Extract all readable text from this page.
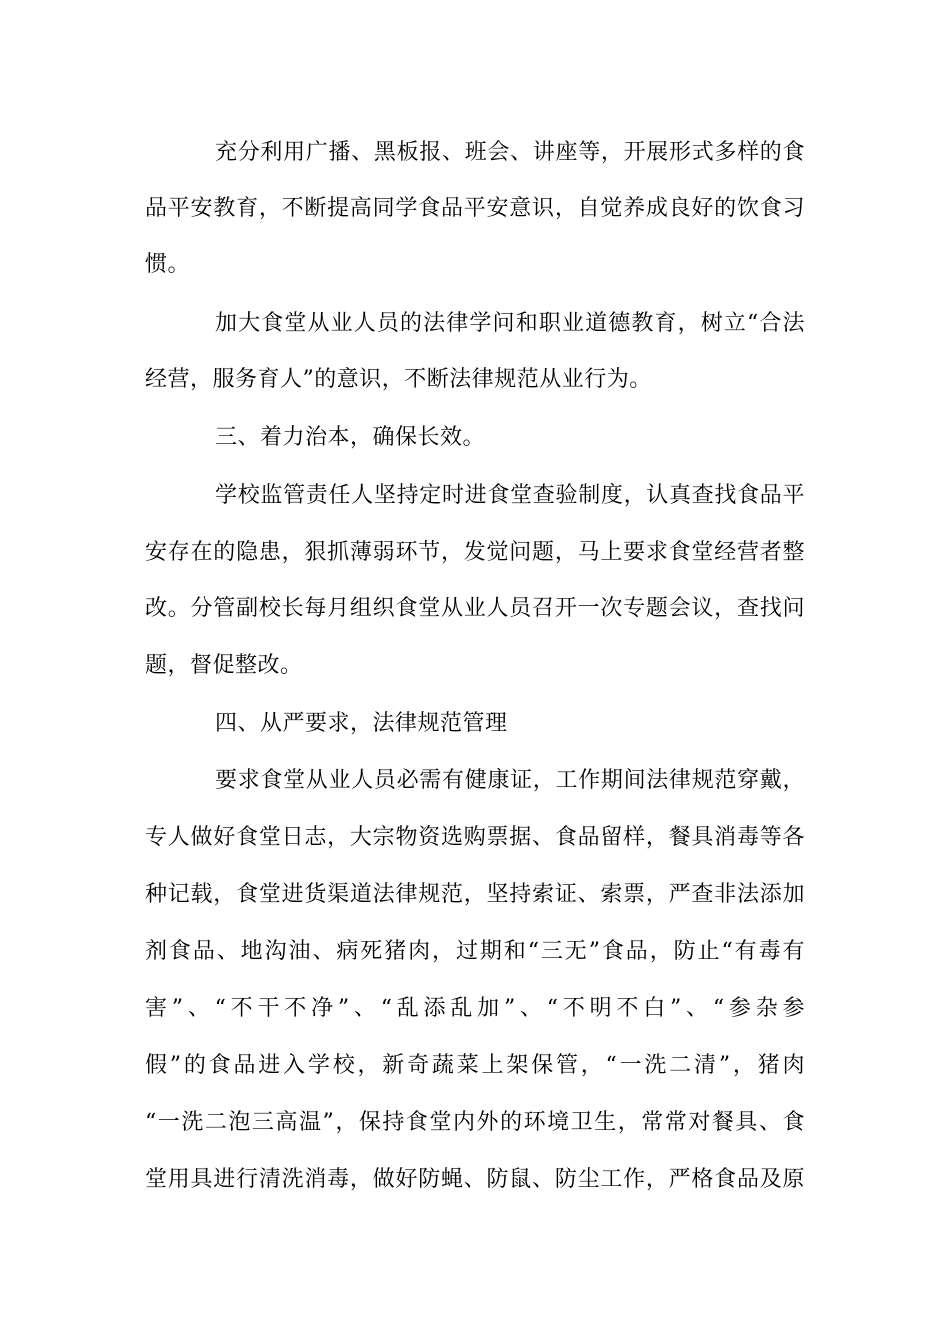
充分利用广播、黑板报、班会、讲座等，开展形式多样的食
品平安教育，不断提高同学食品平安意识，自觉养成良好的饮食习
惯。
加大食堂从业人员的法律学问和职业道德教育，树立“合法
经营，服务育人”的意识，不断法律规范从业行为。
三、着力治本，确保长效。
学校监管责任人坚持定时进食堂查验制度，认真查找食品平
安存在的隐患，狠抓薄弱环节，发觉问题，马上要求食堂经营者整
改。分管副校长每月组织食堂从业人员召开一次专题会议，查找问
题，督促整改。
四、从严要求，法律规范管理
要求食堂从业人员必需有健康证，工作期间法律规范穿戴，
专人做好食堂日志，大宗物资选购票据、食品留样，餐具消毒等各
种记载，食堂进货渠道法律规范，坚持索证、索票，严查非法添加
剂食品、地沟油、病死猪肉，过期和“三无”食品，防止“有毒有
害”、“不干不净”、“乱添乱加”、“不明不白”、“参杂参
假”的食品进入学校，新奇蔬菜上架保管，“一洗二清”，猪肉
“一洗二泡三高温”，保持食堂内外的环境卫生，常常对餐具、食
堂用具进行清洗消毒，做好防蝇、防鼠、防尘工作，严格食品及原
